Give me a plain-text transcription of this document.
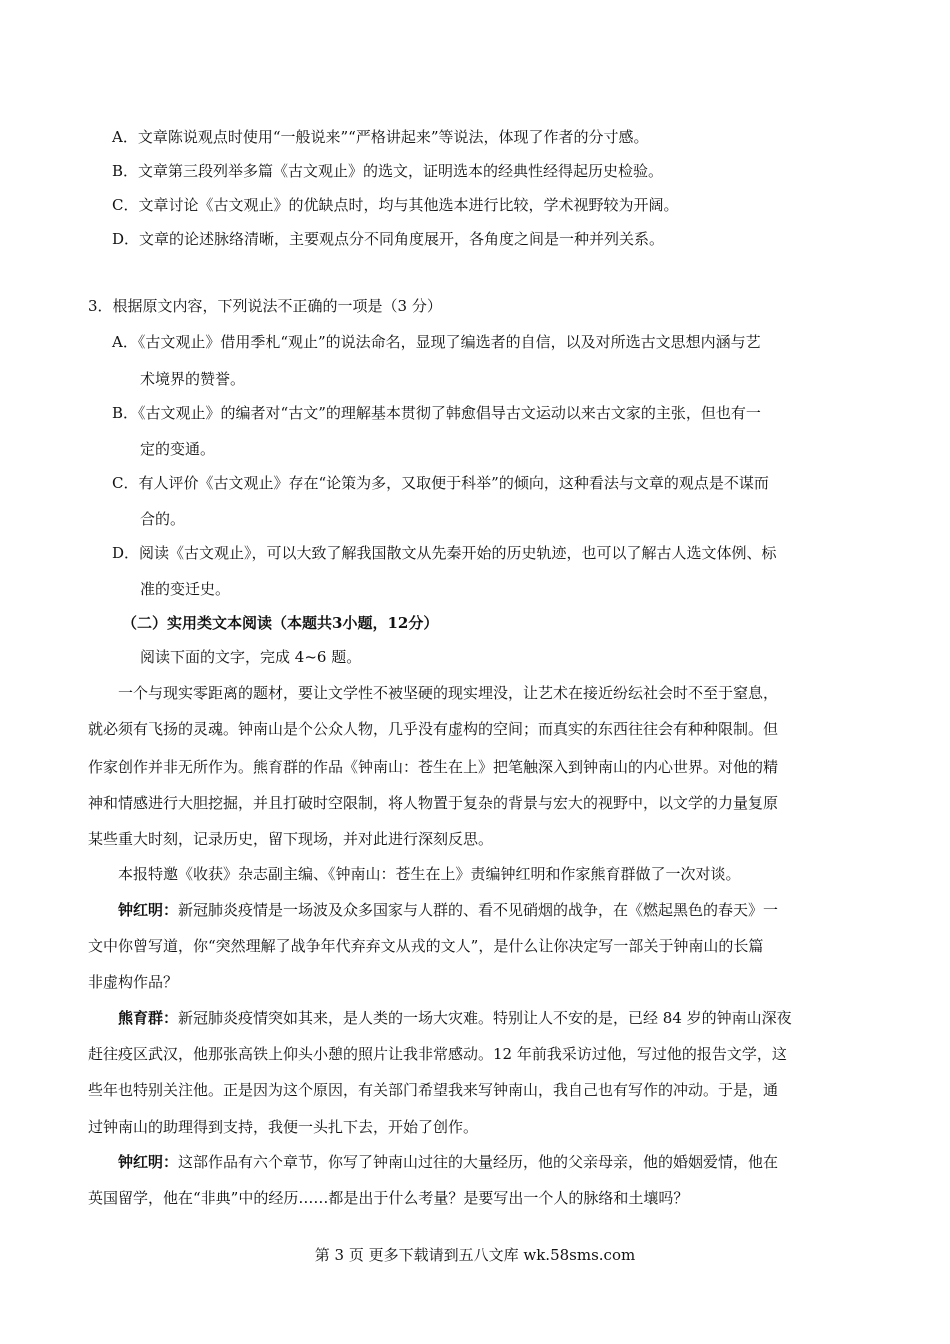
A．文章陈说观点时使用“一般说来”“严格讲起来”等说法，体现了作者的分寸感。
B．文章第三段列举多篇《古文观止》的选文，证明选本的经典性经得起历史检验。
C．文章讨论《古文观止》的优缺点时，均与其他选本进行比较，学术视野较为开阔。
D．文章的论述脉络清晰，主要观点分不同角度展开，各角度之间是一种并列关系。
3．根据原文内容，下列说法不正确的一项是（3 分）
A．《古文观止》借用季札“观止”的说法命名，显现了编选者的自信，以及对所选古文思想内涵与艺
术境界的赞誉。
B．《古文观止》的编者对“古文”的理解基本贯彻了韩愈倡导古文运动以来古文家的主张，但也有一
定的变通。
C．有人评价《古文观止》存在“论策为多，又取便于科举”的倾向，这种看法与文章的观点是不谋而
合的。
D．阅读《古文观止》，可以大致了解我国散文从先秦开始的历史轨迹，也可以了解古人选文体例、标
准的变迁史。
（二）实用类文本阅读（本题共3小题，12分）
阅读下面的文字，完成 4~6 题。
一个与现实零距离的题材，要让文学性不被坚硬的现实埋没，让艺术在接近纷纭社会时不至于窒息，
就必须有飞扬的灵魂。钟南山是个公众人物，几乎没有虚构的空间；而真实的东西往往会有种种限制。但
作家创作并非无所作为。熊育群的作品《钟南山：苍生在上》把笔触深入到钟南山的内心世界。对他的精
神和情感进行大胆挖掘，并且打破时空限制，将人物置于复杂的背景与宏大的视野中，以文学的力量复原
某些重大时刻，记录历史，留下现场，并对此进行深刻反思。
本报特邀《收获》杂志副主编、《钟南山：苍生在上》责编钟红明和作家熊育群做了一次对谈。
钟红明：新冠肺炎疫情是一场波及众多国家与人群的、看不见硝烟的战争，在《燃起黑色的春天》一
文中你曾写道，你“突然理解了战争年代弃弃文从戎的文人”，是什么让你决定写一部关于钟南山的长篇
非虚构作品？
熊育群：新冠肺炎疫情突如其来，是人类的一场大灾难。特别让人不安的是，已经 84 岁的钟南山深夜
赶往疫区武汉，他那张高铁上仰头小憩的照片让我非常感动。12 年前我采访过他，写过他的报告文学，这
些年也特别关注他。正是因为这个原因，有关部门希望我来写钟南山，我自己也有写作的冲动。于是，通
过钟南山的助理得到支持，我便一头扎下去，开始了创作。
钟红明：这部作品有六个章节，你写了钟南山过往的大量经历，他的父亲母亲，他的婚姻爱情，他在
英国留学，他在“非典”中的经历……都是出于什么考量？是要写出一个人的脉络和土壤吗？
第 3 页 更多下载请到五八文库 wk.58sms.com
